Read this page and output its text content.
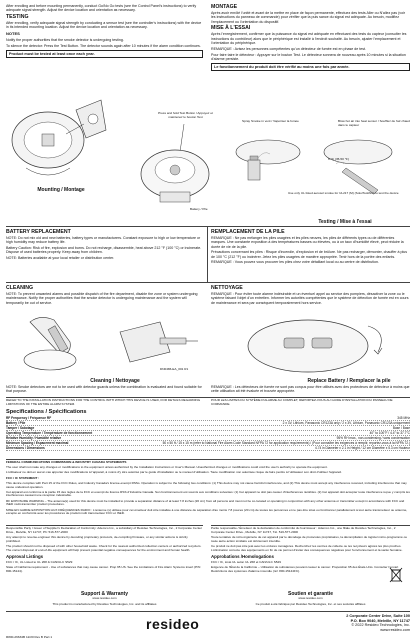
After enrolling and before mounting permanently, conduct Go/No Go tests (see the Control Panel's instructions) to verify adequate signal strength. Adjust the device location and orientation as necessary.
TESTING
After enrolling, verify adequate signal strength by conducting a sensor test (see the controller's instructions) with the device in its intended mounting location. Adjust the device location and orientation as necessary.
NOTES
Notify the proper authorities that the smoke detector is undergoing testing.
To silence the detector: Press the Test Button. The detector sounds again after 10 minutes if the alarm condition continues.
Product must be tested at least once each year.
MONTAGE
Après avoir enrôlé l'unité et avant de la mettre en place de façon permanente, effectuez des tests Aller ou N'allez pas (voir les instructions du panneau de commande) pour vérifier que la puis sance du signal est adéquate. Au besoin, modifiez l'emplacement ou l'orientation du dispositif.
MISE À L'ESSAI
Après l'enregistrement, confirmer que la puissance du signal est adéquate en effectuant des tests du capteur (consulter les instructions du contrôleur) alors que le périphérique est installé à l'endroit souhaité. Au besoin, ajuster l'emplacement et l'orientation du périphérique.
REMARQUE : Avisez les personnes compétentes qu'un détecteur de fumée est en phase de test.
Pour faire taire le détecteur : Appuyer sur le bouton Test. Le détecteur sonnera de nouveau après 10 minutes si la situation d'alarme persiste.
Le fonctionnement du produit doit être vérifié au moins une fois par année.
Mounting / Montage
Press and hold Test Button / Appuyez et maintenez le bouton Test
Battery / Pile
Spray Smoke in vent / Vaporiser la fumée	Blow hot air into heat sensor / Soufflez de l'air chaud dans le capteur
6 °C (35-50 °F)
Use only UL listed aerosol smoke for UL217 (M) (Solo/Testifire) to test the device
Testing / Mise à l'essai
BATTERY REPLACEMENT
NOTE: Do not mix old and new batteries, battery types or manufacturers. Constant exposure to high or low temperature or high humidity may reduce battery life.
Battery Caution: Risk of fire, explosion and burns. Do not recharge, disassemble, heat above 212 °F (100 °C) or incinerate. Dispose of used batteries properly. Keep away from children.
NOTE: Batteries available at your local retailer or distribution center.
REMPLACEMENT DE LA PILE
REMARQUE : Ne pas mélanger les piles usagées et les piles neuves, les piles de différents types ou de différentes marques. Une constante exposition à des températures basses ou élevées, ou à un taux d'humidité élevé, peut réduire la durée de vie de la pile.
Précautions concernant les piles : Risque d'incendie, d'explosion et de brûlure. Ne pas recharger, démonter, chauffer à plus de 100 °C (212 °F) ou incinérer. Jetez les piles usagées de manière appropriée. Tenir hors de la portée des enfants.
REMARQUE : Vous pouvez vous procurer les piles chez votre détaillant local ou au centre de distribution.
CLEANING
NOTE: To prevent unwanted alarms and possible dispatch of the fire department, disable the zone or system undergoing maintenance. Notify the proper authorities that the smoke detector is undergoing maintenance and the system will temporarily be out of service.
NETTOYAGE
REMARQUE : Pour éviter toute alarme indésirable et un éventuel appel au service des pompiers, désactiver la zone ou le système faisant l'objet d'un entretien. Informer les autorités compétentes que le système de détection de fumée est en cours de maintenance et sera par conséquent temporairement hors service.
DN0486-EA_001 R1
Cleaning / Nettoyage	Replace Battery / Remplacer la pile
NOTE: Smoke detectors are not to be used with detector guards unless the combination is evaluated and found suitable for that purpose.
REMARQUE : Les détecteurs de fumée ne sont pas conçus pour être utilisés avec des protecteurs de détecteur à moins que cette utilisation ait été évaluée et trouvée appropriée.
REFER TO THE INSTALLATION INSTRUCTIONS FOR THE CONTROL WITH WHICH THIS DEVICE IS USED, FOR DETAILS REGARDING LIMITATIONS OF THE ENTIRE ALARM SYSTEM.
POUR LES LIMITES DU SYSTÈME D'ALARME AU COMPLET, REPORTEZ-VOUS AU GUIDE D'INSTALLATION DU PANNEAU DE COMMANDE.
Specifications / Spécifications
RF Frequency / Fréquence RF	345 MHz
Battery / Pile	2 x 3V, Lithium, Panasonic CR123A only / 2 x 3V, Lithium, Panasonic CR123A uniquement
Tamper / Sabotage	Base / Base
Operating Temperature / Température de fonctionnement	40° to 100°F / 4.4° to 37.7°C
Relative Humidity / Humidité relative	95% RH max., non-condensing / sans condensation
Minimum Spacing / Espacement maximal	50 x 50 ft / 15 x 15 m (refer to National Fire Alarm Code Standard NFPA 72 for application requirements) / (Pour connaître les exigences à remplir, reportez-vous à la NFPA 72.)
Dimensions / Dimensions	4.74 in Diameter x 2.1 in Height / 12 cm Diamètre x 5.3 cm Hauteur
FEDERAL COMMUNICATIONS COMMISSION & INDUSTRY CANADA STATEMENTS
The user shall not make any changes or modifications to the equipment unless authorized by the Installation Instructions or User's Manual. Unauthorized changes or modifications could void the user's authority to operate the equipment.
L'utilisateur ne doit en aucun cas apporter des modifications à l'appareil, à moins d'y être autorisé par le guide d'installation ou le manuel d'utilisation. Toute modification non autorisée risque de faire perdre à l'utilisateur son droit d'utiliser l'appareil.
FCC / IC STATEMENT :
This device complies with Part 15 of the FCC Rules, and Industry Canada's license-exempt RSSs. Operation is subject to the following two conditions: (1) This device may not cause harmful interference, and (2) This device must accept any interference received, including interference that may cause undesired operation.
Cet appareil est conforme à la partie 15 des règles de la FCC et exempt de licence RSS d'Industrie Canada. Son fonctionnement est soumis aux conditions suivantes: (1) Cet appareil ne doit pas causer d'interférences nuisibles. (2) Cet appareil doit accepter toute interférence reçue y compris les interférences causant une réception indésirable.
RF EXPOSURE WARNING – The antenna(s) used for this device must be installed to provide a separation distance of at least 7.8 inches (20 cm) from all persons and must not be co-located or operating in conjunction with any other antenna or transmitter except in accordance with FCC and ISED multi-transmitter product procedures.
MISE EN GARDE EXPOSITION AUX FRÉQUENCES RADIO : L'antenne (s) utilisée pour cet émetteur doit être installée à une distance de séparation d'au moins 7.8 pouces (20 cm) de toutes les personnes et ne pas être situé ou fonctionner parallèlement à tout autre transmetteur ou antenne, excepté en conformité avec les procédures de produit multi transmetteur FCC et ISED.
Responsible Party / Issuer of Supplier's Declaration of Conformity: Ademco Inc., a subsidiary of Resideo Technologies, Inc., 2 Corporate Center Drive., Melville, NY 11747, Ph: 516-577-2000
Any attempt to reverse-engineer this device by decoding proprietary protocols, de-compiling firmware, or any similar actions is strictly prohibited.
The product should not be disposed of with other household waste. Check for the nearest authorized collection centers or authorized recyclers. The correct disposal of end-of-life equipment will help prevent potential negative consequences for the environment and human health.
Approval Listings
FCC / IC, UL Listed to UL 268 & CAN/ULC S529
State of California requirement - Use of substances that may cause cancer. Prop 65 US. See the Limitations of Fire Alarm Systems insert (P/N 800-15144).
Partie responsable / Émetteur de la déclaration de conformité du fournisseur : Ademco Inc., une filiale de Resideo Technologies, Inc., 2 Corporate Center Drive., Melville, NY 11747, Tél. 516-577-2000
Toute tentative de rétro-ingénierie de cet appareil par le décodage de protocoles propriétaires, la décompilation de logiciel micro-programmé ou toute autre action similaire est strictement interdite.
Ce produit ne doit pas être jeté avec les ordures ménagères. Recherchez les centres de collecte ou les recycleurs agréés les plus proches. L'élimination correcte des équipements en fin de vie permet d'éviter des conséquences négatives pour l'environnement et la santé humaine.
Approbations /Homologations
FCC / IC, Listé UL selon UL 268 et CAN/ULC S529
Exigence de l'État de la Californie – Utilisation de substances pouvant causer le cancer. Proposition 65 des États-Unis. Consulter l'encart Restrictions des systèmes d'alarme incendie (réf. 800-15144FC).
Support & Warranty
www.resideo.com
Soutien et garantie
www.resideo.com
This product is manufactured by Resideo Technologies, Inc. and its affiliates	Ce produit a été fabriqué par Resideo Technologies, Inc. et ses sociétés affiliées
resideo	2 Corporate Center Drive, Suite 100
P.O. Box 9040, Melville, NY 11747
© 2022 Resideo Technologies, Inc.
www.resideo.com
R800-26634B 12/20 Rev B Part 1
